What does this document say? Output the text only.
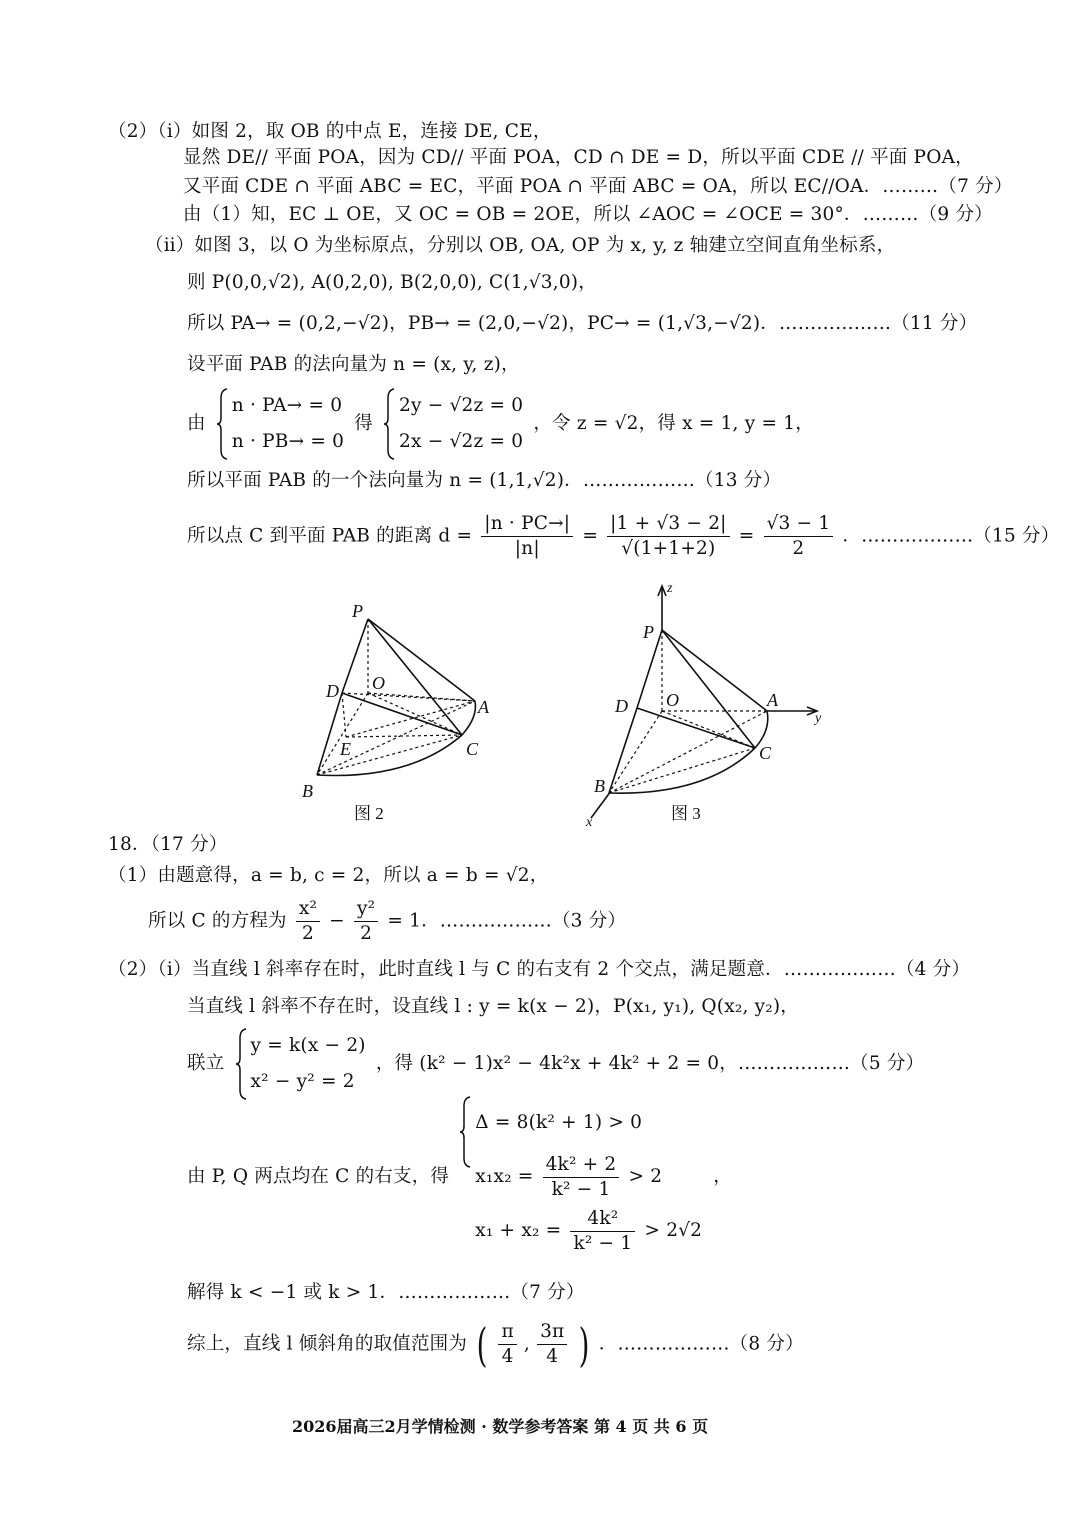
（2）（ⅰ）如图 2，取 OB 的中点 E，连接 DE, CE，
显然 DE// 平面 POA，因为 CD// 平面 POA，CD ∩ DE = D，所以平面 CDE // 平面 POA，
又平面 CDE ∩ 平面 ABC = EC，平面 POA ∩ 平面 ABC = OA，所以 EC//OA．………（7 分）
由（1）知，EC ⊥ OE，又 OC = OB = 2OE，所以 ∠AOC = ∠OCE = 30°．………（9 分）
（ⅱ）如图 3，以 O 为坐标原点，分别以 OB, OA, OP 为 x, y, z 轴建立空间直角坐标系，
则 P(0,0,√2), A(0,2,0), B(2,0,0), C(1,√3,0)，
所以 PA→ = (0,2,−√2)，PB→ = (2,0,−√2)，PC→ = (1,√3,−√2)．………………（11 分）
设平面 PAB 的法向量为 n = (x, y, z)，
由
n · PA→ = 0
n · PB→ = 0
得
2y − √2z = 0
2x − √2z = 0
，令 z = √2，得 x = 1, y = 1，
所以平面 PAB 的一个法向量为 n = (1,1,√2)．………………（13 分）
所以点 C 到平面 PAB 的距离 $d = \frac{|n \cdot PC\to|}{|n|} = \frac{|1 + √3 - 2|}{√(1+1+2)} = \frac{√3 - 1}{2}$ ．………………（15 分）
P
D O
A
E	C
B
图 2
z
P
D O	A
y
C
B
x	图 3
18．（17 分）
（1）由题意得，a = b, c = 2，所以 a = b = √2，
所以 C 的方程为 $\frac{\text{x²}}{2} - \frac{\text{y²}}{2} = 1$．………………（3 分）
（2）（ⅰ）当直线 l 斜率存在时，此时直线 l 与 C 的右支有 2 个交点，满足题意．………………（4 分）
当直线 l 斜率不存在时，设直线 l : y = k(x − 2)，P(x₁, y₁), Q(x₂, y₂)，
联立
y = k(x − 2)
x² − y² = 2
，得 (k² − 1)x² − 4k²x + 4k² + 2 = 0，………………（5 分）
由 P, Q 两点均在 C 的右支，得
Δ = 8(k² + 1) > 0
$x_1x_2 = \frac{\text{4k² + 2}}{\text{k² − 1}} > 2$
$x_1 + x_2 = \frac{\text{4k²}}{\text{k² − 1}} > 2√2$
，
解得 k < −1 或 k > 1．………………（7 分）
综上，直线 l 倾斜角的取值范围为 ( $\frac{\pi}{4}$ , $\frac{3\pi}{4}$ ) ．………………（8 分）
2026届高三2月学情检测 · 数学参考答案 第 4 页 共 6 页
